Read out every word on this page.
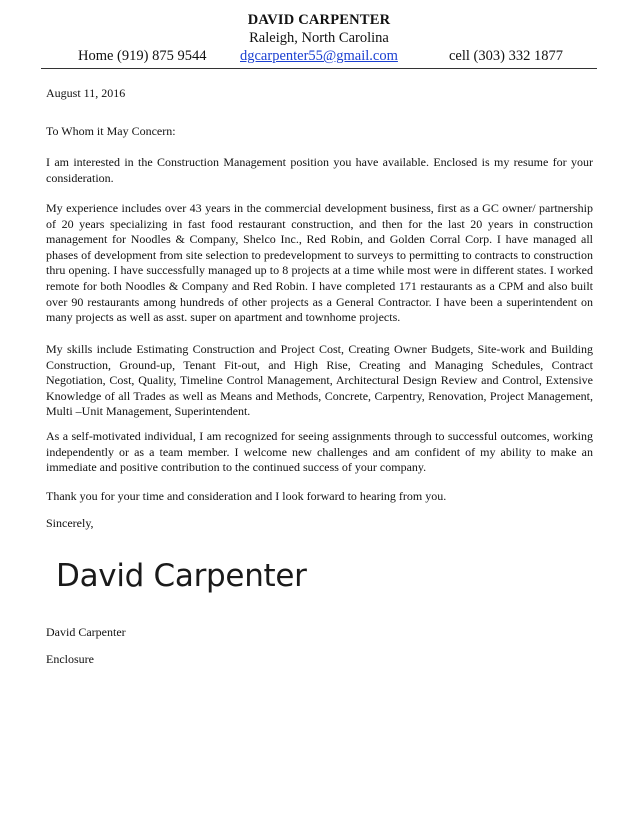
DAVID CARPENTER
Raleigh, North Carolina
Home (919) 875 9544 dgcarpenter55@gmail.com	cell (303) 332 1877

August 11, 2016

To Whom it May Concern:

I am interested in the Construction Management position you have available. Enclosed is my resume for your consideration.

My experience includes over 43 years in the commercial development business, first as a GC owner/ partnership of 20 years specializing in fast food restaurant construction, and then for the last 20 years in construction management for Noodles & Company, Shelco Inc., Red Robin, and Golden Corral Corp. I have managed all phases of development from site selection to predevelopment to surveys to permitting to contracts to construction thru opening. I have successfully managed up to 8 projects at a time while most were in different states. I worked remote for both Noodles & Company and Red Robin. I have completed 171 restaurants as a CPM and also built over 90 restaurants among hundreds of other projects as a General Contractor. I have been a superintendent on many projects as well as asst. super on apartment and townhome projects.

My skills include Estimating Construction and Project Cost, Creating Owner Budgets, Site-work and Building Construction, Ground-up, Tenant Fit-out, and High Rise, Creating and Managing Schedules, Contract Negotiation, Cost, Quality, Timeline Control Management, Architectural Design Review and Control, Extensive Knowledge of all Trades as well as Means and Methods, Concrete, Carpentry, Renovation, Project Management, Multi –Unit Management, Superintendent.

As a self-motivated individual, I am recognized for seeing assignments through to successful outcomes, working independently or as a team member. I welcome new challenges and am confident of my ability to make an immediate and positive contribution to the continued success of your company.

Thank you for your time and consideration and I look forward to hearing from you.

Sincerely,

David Carpenter

David Carpenter

Enclosure
